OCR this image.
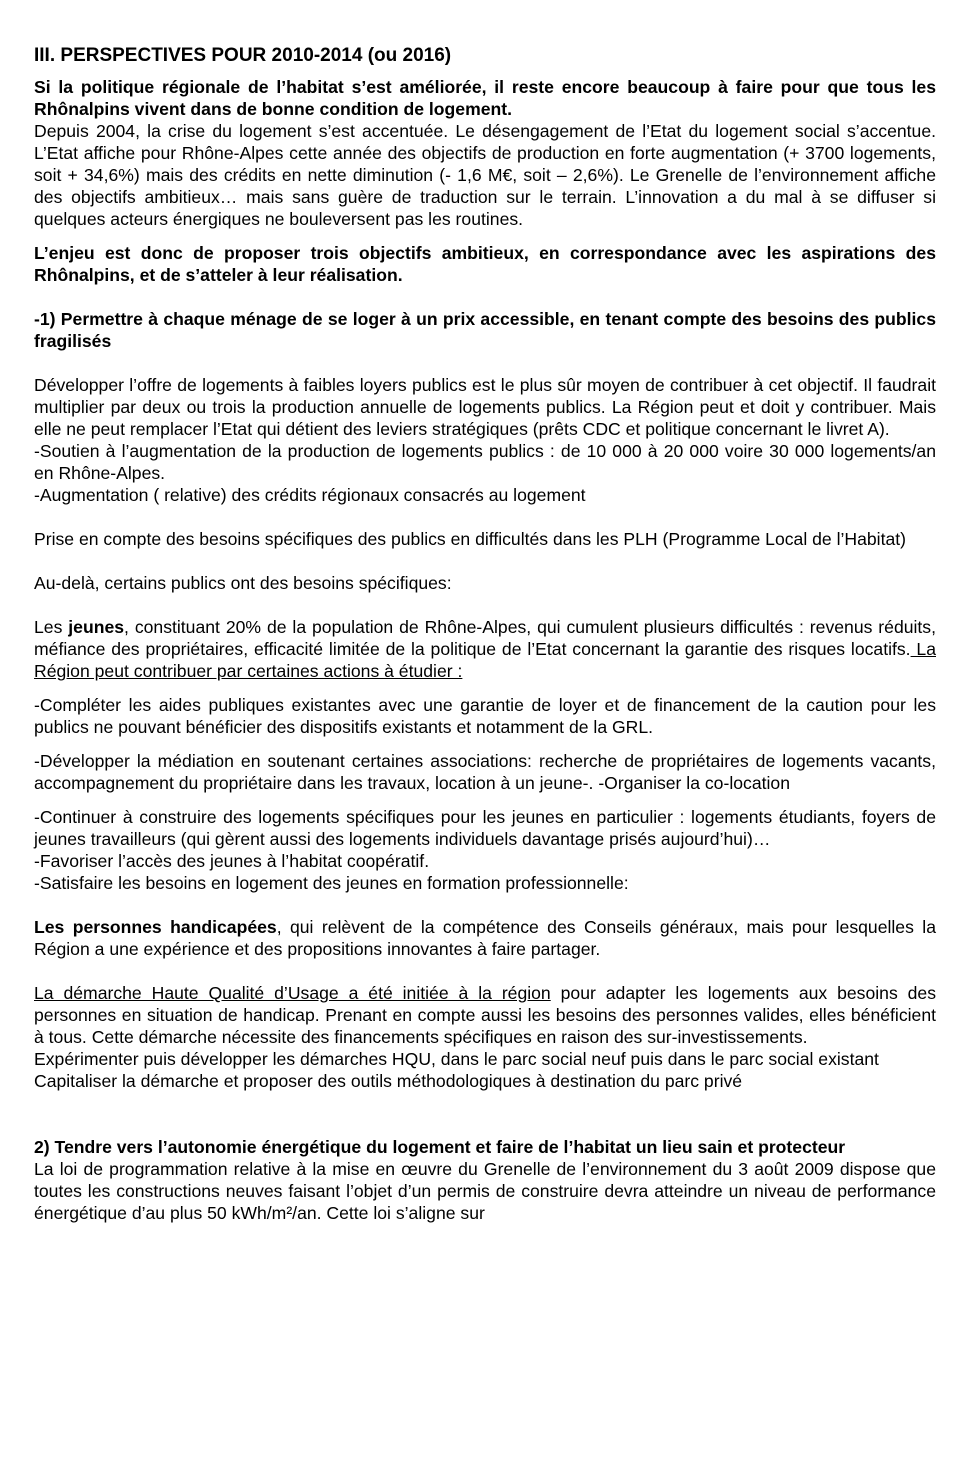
III. PERSPECTIVES POUR 2010-2014 (ou 2016)

Si la politique régionale de l’habitat s’est améliorée, il reste encore beaucoup à faire pour que tous les Rhônalpins vivent dans de bonne condition de logement.

Depuis 2004, la crise du logement s’est accentuée. Le désengagement de l’Etat du logement social s’accentue. L’Etat affiche pour Rhône-Alpes cette année des objectifs de production en forte augmentation (+ 3700 logements, soit + 34,6%) mais des crédits en nette diminution (- 1,6 M€, soit – 2,6%). Le Grenelle de l’environnement affiche des objectifs ambitieux… mais sans guère de traduction sur le terrain. L’innovation a du mal à se diffuser si quelques acteurs énergiques ne bouleversent pas les routines.

L’enjeu est donc de proposer trois objectifs ambitieux, en correspondance avec les aspirations des Rhônalpins, et de s’atteler à leur réalisation.

-1) Permettre à chaque ménage de se loger à un prix accessible, en tenant compte des besoins des publics fragilisés

Développer l’offre de logements à faibles loyers publics est le plus sûr moyen de contribuer à cet objectif. Il faudrait multiplier par deux ou trois la production annuelle de logements publics. La Région peut et doit y contribuer. Mais elle ne peut remplacer l’Etat qui détient des leviers stratégiques (prêts CDC et politique concernant le livret A).

-Soutien à l’augmentation de la production de logements publics : de 10 000 à 20 000 voire 30 000 logements/an en Rhône-Alpes.

-Augmentation ( relative) des crédits régionaux consacrés au logement

Prise en compte des besoins spécifiques des publics en difficultés dans les PLH (Programme Local de l’Habitat)

Au-delà, certains publics ont des besoins spécifiques:

Les jeunes, constituant 20% de la population de Rhône-Alpes, qui cumulent plusieurs difficultés : revenus réduits, méfiance des propriétaires, efficacité limitée de la politique de l’Etat concernant la garantie des risques locatifs. La Région peut contribuer par certaines actions à étudier :

-Compléter les aides publiques existantes avec une garantie de loyer et de financement de la caution pour les publics ne pouvant bénéficier des dispositifs existants et notamment de la GRL.

-Développer la médiation en soutenant certaines associations: recherche de propriétaires de logements vacants, accompagnement du propriétaire dans les travaux, location à un jeune-. -Organiser la co-location

-Continuer à construire des logements spécifiques pour les jeunes en particulier : logements étudiants, foyers de jeunes travailleurs (qui gèrent aussi des logements individuels davantage prisés aujourd’hui)…

-Favoriser l’accès des jeunes à l’habitat coopératif.

-Satisfaire les besoins en logement des jeunes en formation professionnelle:

Les personnes handicapées, qui relèvent de la compétence des Conseils généraux, mais pour lesquelles la Région a une expérience et des propositions innovantes à faire partager.

La démarche Haute Qualité d’Usage a été initiée à la région pour adapter les logements aux besoins des personnes en situation de handicap. Prenant en compte aussi les besoins des personnes valides, elles bénéficient à tous. Cette démarche nécessite des financements spécifiques en raison des sur-investissements.

Expérimenter puis développer les démarches HQU, dans le parc social neuf puis dans le parc social existant

Capitaliser la démarche et proposer des outils méthodologiques à destination du parc privé

2) Tendre vers l’autonomie énergétique du logement et faire de l’habitat un lieu sain et protecteur

La loi de programmation relative à la mise en œuvre du Grenelle de l’environnement du 3 août 2009 dispose que toutes les constructions neuves faisant l’objet d’un permis de construire devra atteindre un niveau de performance énergétique d’au plus 50 kWh/m²/an. Cette loi s’aligne sur
